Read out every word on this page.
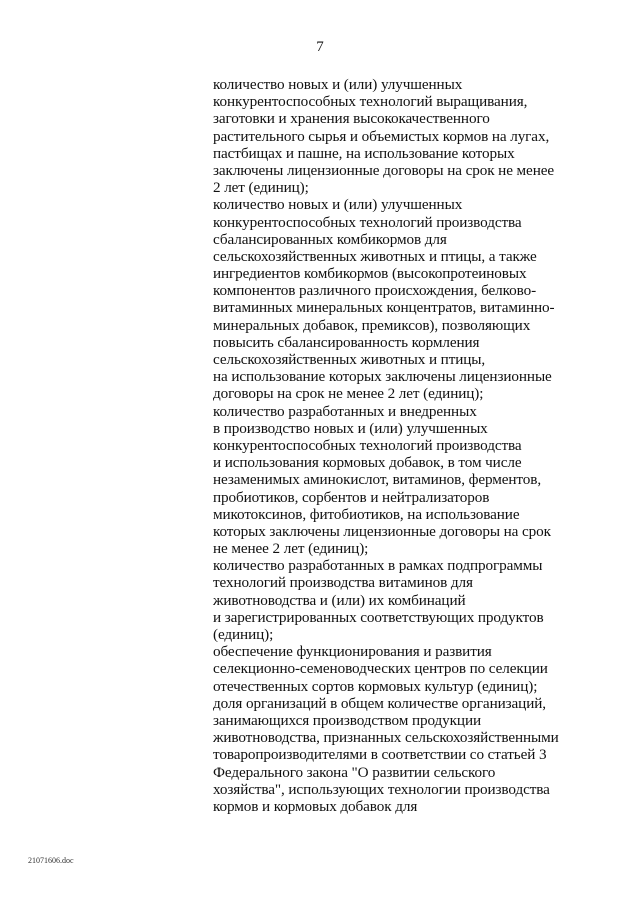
7
количество новых и (или) улучшенных
конкурентоспособных технологий выращивания,
заготовки и хранения высококачественного
растительного сырья и объемистых кормов на лугах,
пастбищах и пашне, на использование которых
заключены лицензионные договоры на срок не менее
2 лет (единиц);
количество новых и (или) улучшенных
конкурентоспособных технологий производства
сбалансированных комбикормов для
сельскохозяйственных животных и птицы, а также
ингредиентов комбикормов (высокопротеиновых
компонентов различного происхождения, белково-
витаминных минеральных концентратов, витаминно-
минеральных добавок, премиксов), позволяющих
повысить сбалансированность кормления
сельскохозяйственных животных и птицы,
на использование которых заключены лицензионные
договоры на срок не менее 2 лет (единиц);
количество разработанных и внедренных
в производство новых и (или) улучшенных
конкурентоспособных технологий производства
и использования кормовых добавок, в том числе
незаменимых аминокислот, витаминов, ферментов,
пробиотиков, сорбентов и нейтрализаторов
микотоксинов, фитобиотиков, на использование
которых заключены лицензионные договоры на срок
не менее 2 лет (единиц);
количество разработанных в рамках подпрограммы
технологий производства витаминов для
животноводства и (или) их комбинаций
и зарегистрированных соответствующих продуктов
(единиц);
обеспечение функционирования и развития
селекционно-семеноводческих центров по селекции
отечественных сортов кормовых культур (единиц);
доля организаций в общем количестве организаций,
занимающихся производством продукции
животноводства, признанных сельскохозяйственными
товаропроизводителями в соответствии со статьей 3
Федерального закона "О развитии сельского
хозяйства", использующих технологии производства
кормов и кормовых добавок для
21071606.doc
